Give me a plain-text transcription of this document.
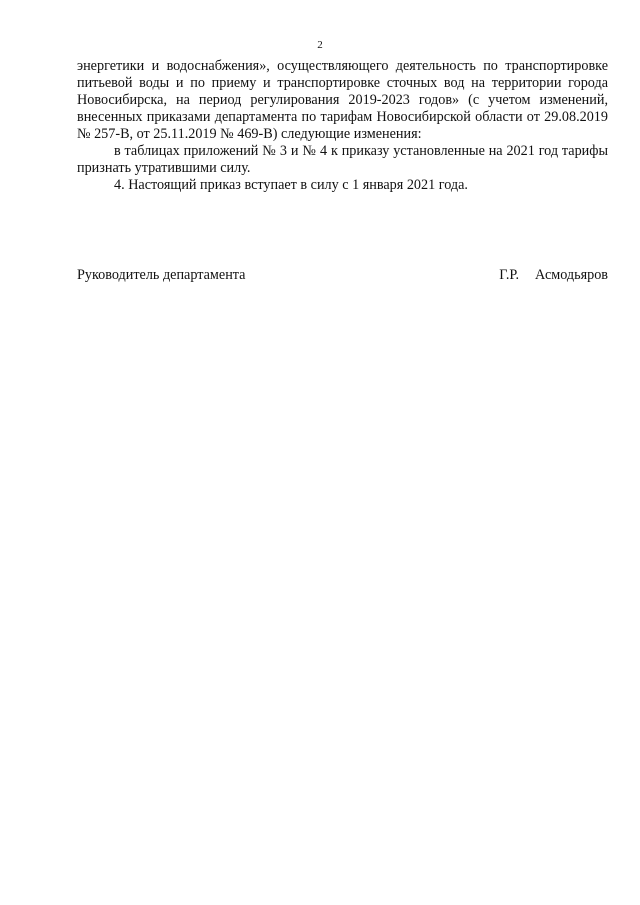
2

энергетики и водоснабжения», осуществляющего деятельность по транспортировке питьевой воды и по приему и транспортировке сточных вод на территории города Новосибирска, на период регулирования 2019-2023 годов» (с учетом изменений, внесенных приказами департамента по тарифам Новосибирской области от 29.08.2019 № 257-В, от 25.11.2019 № 469-В) следующие изменения:

в таблицах приложений № 3 и № 4 к приказу установленные на 2021 год тарифы признать утратившими силу.

4. Настоящий приказ вступает в силу с 1 января 2021 года.

Руководитель департамента	Г.Р. Асмодьяров
